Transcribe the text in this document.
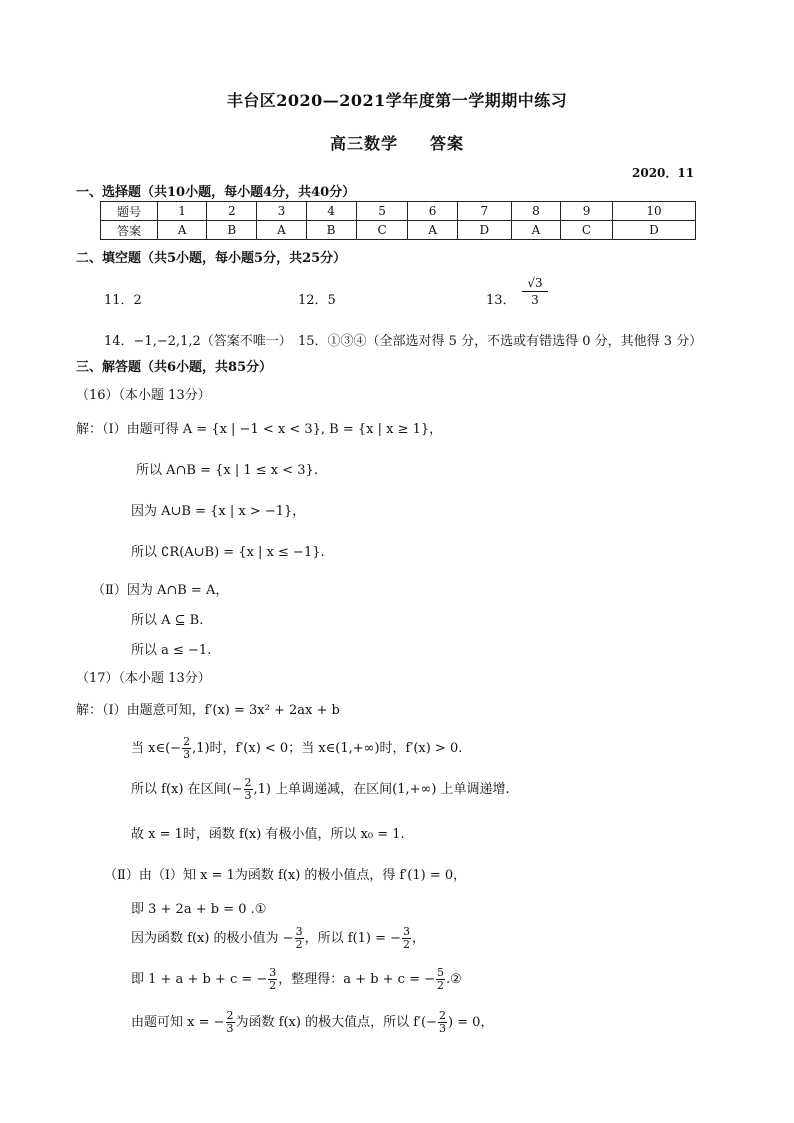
丰台区2020—2021学年度第一学期期中练习
高三数学 答案
2020．11
一、选择题（共10小题，每小题4分，共40分）
题号	1	2	3	4	5	6	7	8	9	10
答案	A	B	A	B	C	A	D	A	C	D
二、填空题（共5小题，每小题5分，共25分）
11．2	12．5	13． $\frac{√3}{3}$
14．−1,−2,1,2（答案不唯一） 15．①③④（全部选对得 5 分，不选或有错选得 0 分，其他得 3 分）
三、解答题（共6小题，共85分）
（16）（本小题 13分）
解：（Ⅰ）由题可得 A = {x | −1 < x < 3}, B = {x | x ≥ 1}，
所以 A∩B = {x | 1 ≤ x < 3}.
因为 A∪B = {x | x > −1}，
所以 ∁R(A∪B) = {x | x ≤ −1}.
（Ⅱ）因为 A∩B = A，
所以 A ⊆ B.
所以 a ≤ −1.
（17）（本小题 13分）
解：（Ⅰ）由题意可知，f′(x) = 3x² + 2ax + b
当 x∈(− $\frac{2}{3} ,1$)时，f′(x) < 0；当 x∈(1,+∞)时，f′(x) > 0.
所以 f(x) 在区间(− $\frac{2}{3} ,1$) 上单调递减，在区间(1,+∞) 上单调递增.
故 x = 1时，函数 f(x) 有极小值，所以 x₀ = 1.
（Ⅱ）由（Ⅰ）知 x = 1为函数 f(x) 的极小值点，得 f′(1) = 0，
即 3 + 2a + b = 0 .①
因为函数 f(x) 的极小值为 − $\frac{3}{2}$ ，所以 f(1) = − $\frac{3}{2}$ ，
即 1 + a + b + c = − $\frac{3}{2}$ ，整理得：a + b + c = − $\frac{5}{2}$ .②
由题可知 x = − $\frac{2}{3}$ 为函数 f(x) 的极大值点，所以 $f'(- \frac{2}{3}$ ) = 0，
